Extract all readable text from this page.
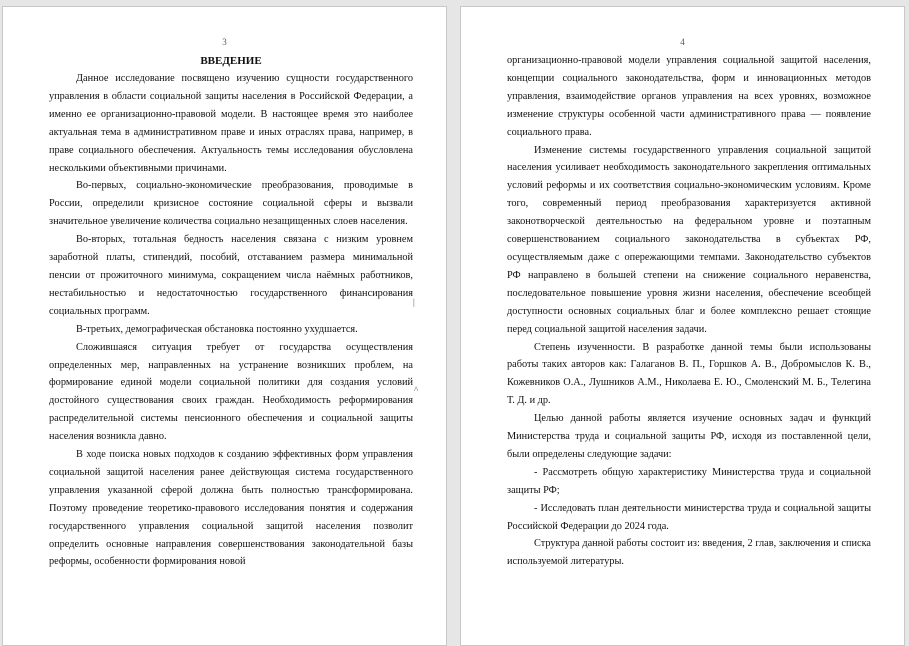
3
ВВЕДЕНИЕ

Данное исследование посвящено изучению сущности государственного управления в области социальной защиты населения в Российской Федерации, а именно ее организационно-правовой модели. В настоящее время это наиболее актуальная тема в административном праве и иных отраслях права, например, в праве социального обеспечения. Актуальность темы исследования обусловлена несколькими объективными причинами.

Во-первых, социально-экономические преобразования, проводимые в России, определили кризисное состояние социальной сферы и вызвали значительное увеличение количества социально незащищенных слоев населения.

Во-вторых, тотальная бедность населения связана с низким уровнем заработной платы, стипендий, пособий, отставанием размера минимальной пенсии от прожиточного минимума, сокращением числа наёмных работников, нестабильностью и недостаточностью государственного финансирования социальных программ.

В-третьих, демографическая обстановка постоянно ухудшается.

Сложившаяся ситуация требует от государства осуществления определенных мер, направленных на устранение возникших проблем, на формирование единой модели социальной политики для создания условий достойного существования своих граждан. Необходимость реформирования распределительной системы пенсионного обеспечения и социальной защиты населения возникла давно.

В ходе поиска новых подходов к созданию эффективных форм управления социальной защитой населения ранее действующая система государственного управления указанной сферой должна быть полностью трансформирована. Поэтому проведение теоретико-правового исследования понятия и содержания государственного управления социальной защитой населения позволит определить основные направления совершенствования законодательной базы реформы, особенности формирования новой

|
^
4

организационно-правовой модели управления социальной защитой населения, концепции социального законодательства, форм и инновационных методов управления, взаимодействие органов управления на всех уровнях, возможное изменение структуры особенной части административного права — появление социального права.

Изменение системы государственного управления социальной защитой населения усиливает необходимость законодательного закрепления оптимальных условий реформы и их соответствия социально-экономическим условиям. Кроме того, современный период преобразования характеризуется активной законотворческой деятельностью на федеральном уровне и поэтапным совершенствованием социального законодательства в субъектах РФ, осуществляемым даже с опережающими темпами. Законодательство субъектов РФ направлено в большей степени на снижение социального неравенства, последовательное повышение уровня жизни населения, обеспечение всеобщей доступности основных социальных благ и более комплексно решает стоящие перед социальной защитой населения задачи.

Степень изученности. В разработке данной темы были использованы работы таких авторов как: Галаганов В. П., Горшков А. В., Добромыслов К. В., Кожевников О.А., Лушников А.М., Николаева Е. Ю., Смоленский М. Б., Телегина Т. Д. и др.

Целью данной работы является изучение основных задач и функций Министерства труда и социальной защиты РФ, исходя из поставленной цели, были определены следующие задачи:

- Рассмотреть общую характеристику Министерства труда и социальной защиты РФ;

- Исследовать план деятельности министерства труда и социальной защиты Российской Федерации до 2024 года.

Структура данной работы состоит из: введения, 2 глав, заключения и списка используемой литературы.
